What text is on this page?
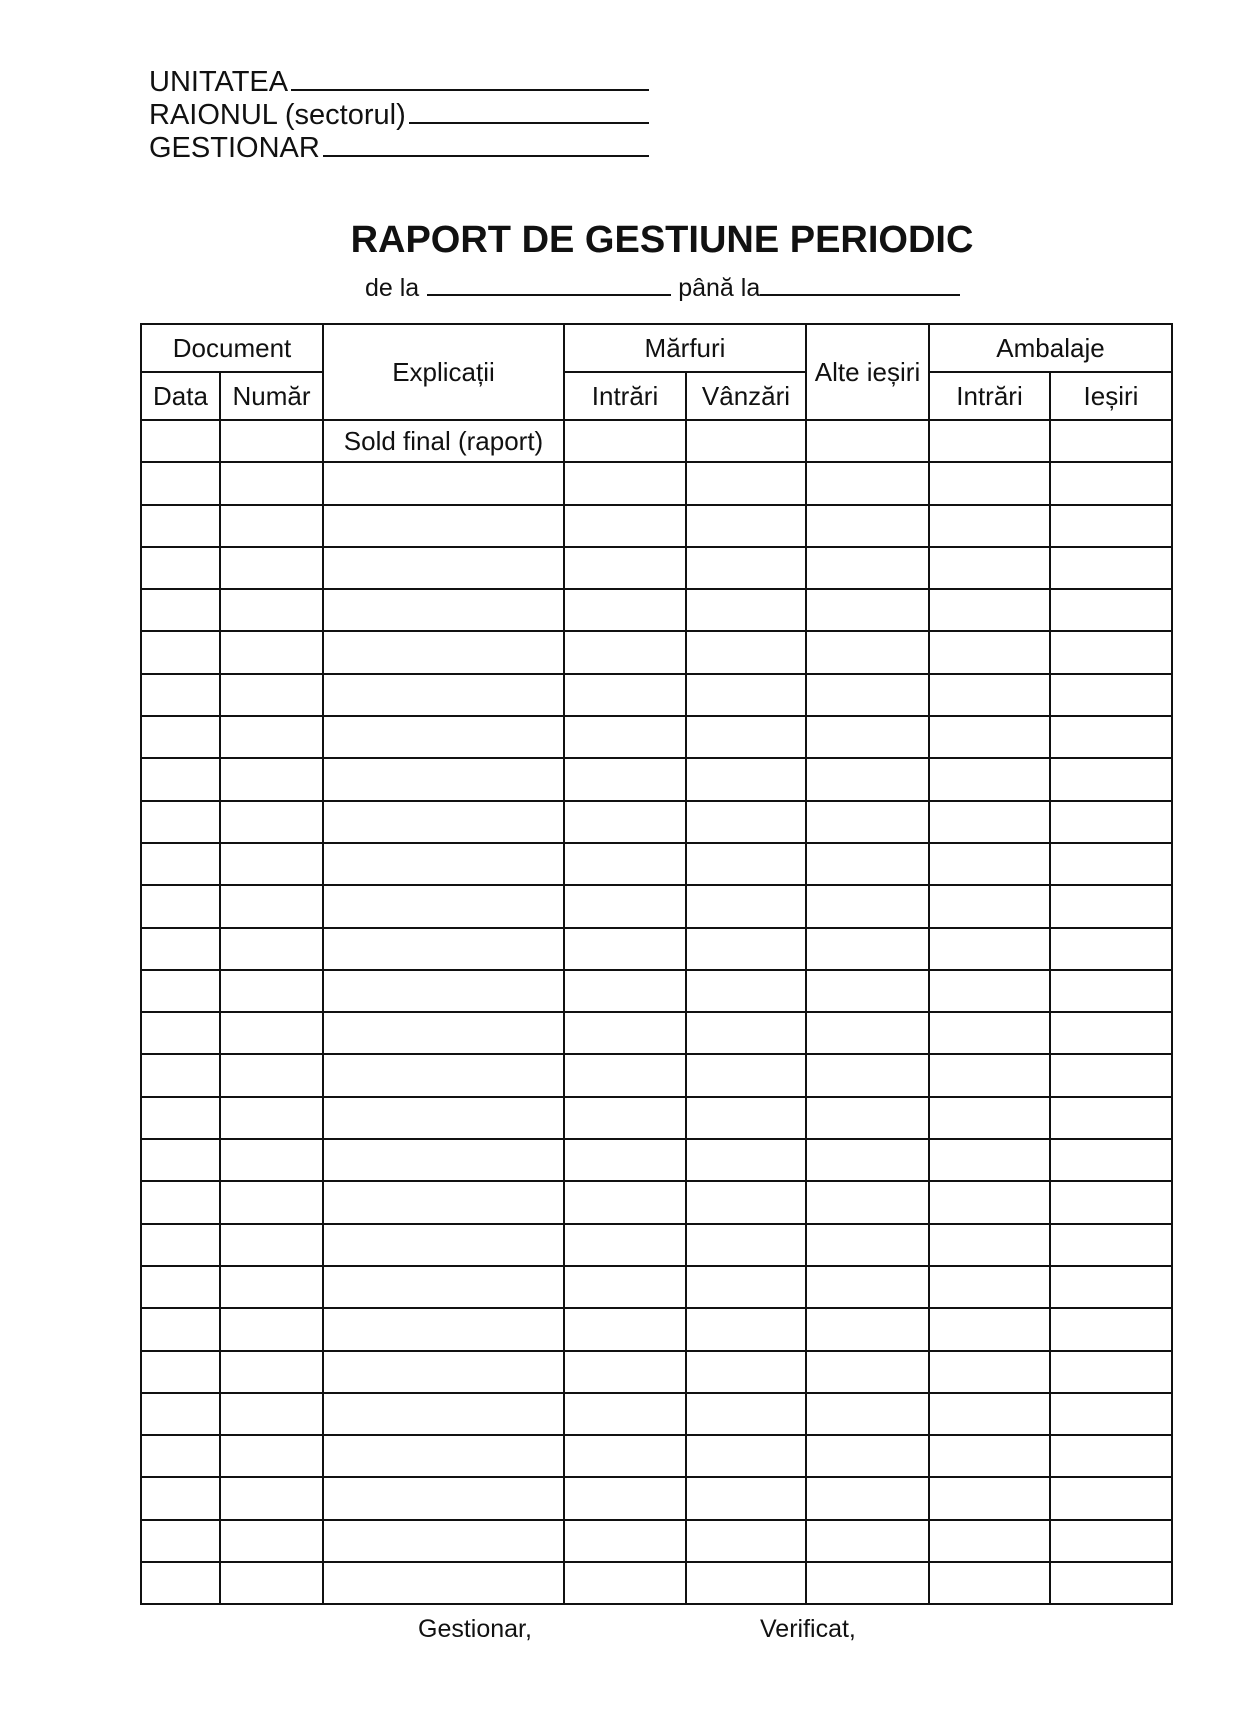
UNITATEA
RAIONUL (sectorul)
GESTIONAR
RAPORT DE GESTIUNE PERIODIC
de la	până la
Document		Explicații	Mărfuri		Alte ieșiri	Ambalaje	
Data	Număr		Intrări	Vânzări		Intrări	Ieșiri
		Sold final (raport)					

Gestionar,	Verificat,
